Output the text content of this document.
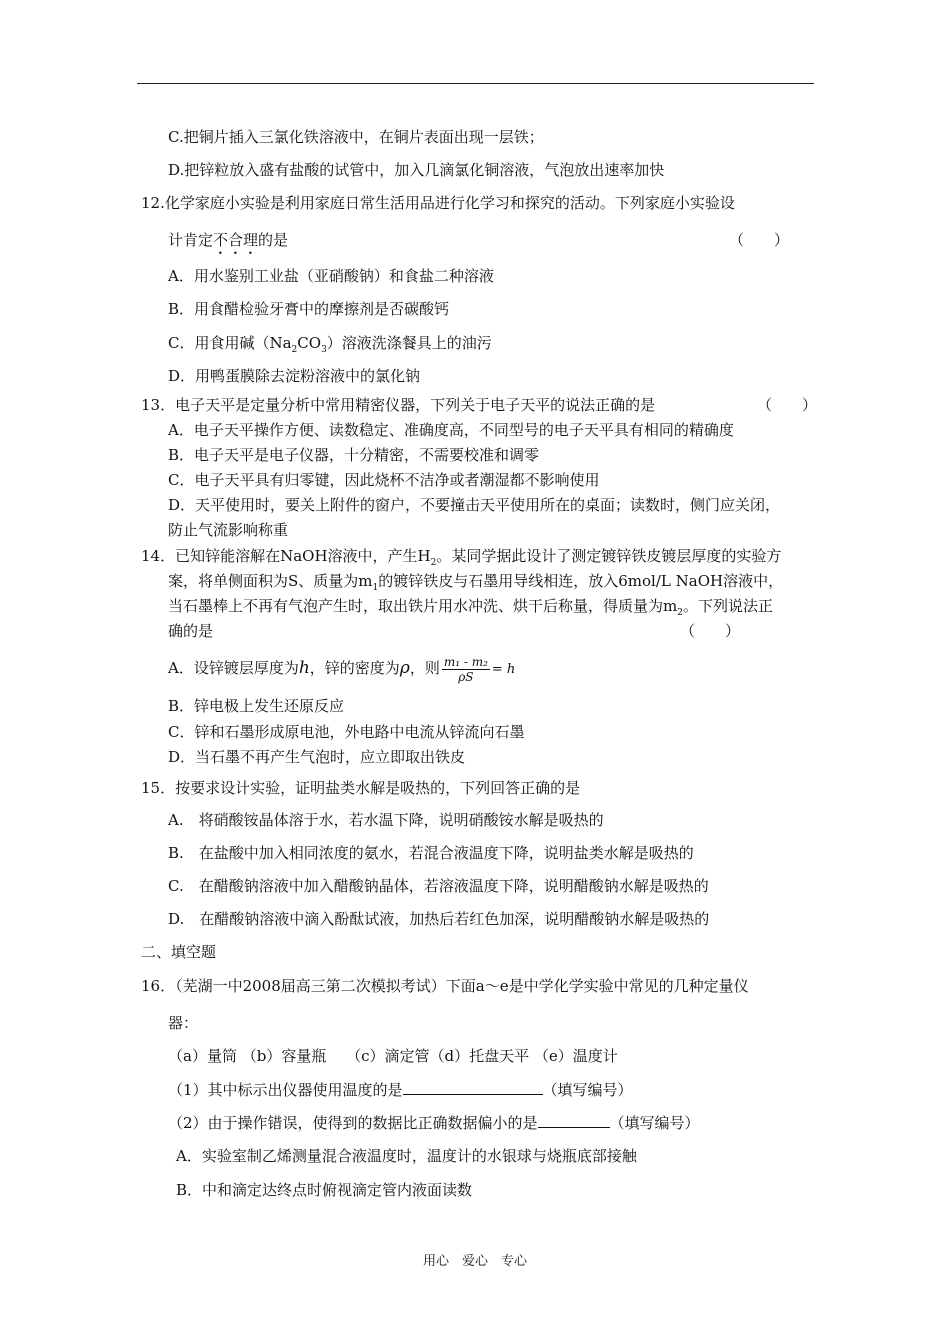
C.把铜片插入三氯化铁溶液中，在铜片表面出现一层铁；
D.把锌粒放入盛有盐酸的试管中，加入几滴氯化铜溶液，气泡放出速率加快
12.化学家庭小实验是利用家庭日常生活用品进行化学习和探究的活动。下列家庭小实验设
计肯定不合理的是	（　　）
A．用水鉴别工业盐（亚硝酸钠）和食盐二种溶液
B．用食醋检验牙膏中的摩擦剂是否碳酸钙
C．用食用碱$(Na_2CO_3)$溶液洗涤餐具上的油污
D．用鸭蛋膜除去淀粉溶液中的氯化钠
13．电子天平是定量分析中常用精密仪器，下列关于电子天平的说法正确的是	（　　）
A．电子天平操作方便、读数稳定、准确度高，不同型号的电子天平具有相同的精确度
B．电子天平是电子仪器，十分精密，不需要校准和调零
C．电子天平具有归零键，因此烧杯不洁净或者潮湿都不影响使用
D．天平使用时，要关上附件的窗户，不要撞击天平使用所在的桌面；读数时，侧门应关闭，
防止气流影响称重
14．已知锌能溶解在NaOH溶液中，产生$H_2$。某同学据此设计了测定镀锌铁皮镀层厚度的实验方
案，将单侧面积为S、质量为$m_1$的镀锌铁皮与石墨用导线相连，放入6mol/L NaOH溶液中，
当石墨棒上不再有气泡产生时，取出铁片用水冲洗、烘干后称量，得质量为$m_2$。下列说法正
确的是	（　　）
A．设锌镀层厚度为h，锌的密度为ρ，则 $\frac{\text{m₁ - m₂}}{\rho S} = h$
B．锌电极上发生还原反应
C．锌和石墨形成原电池，外电路中电流从锌流向石墨
D．当石墨不再产生气泡时，应立即取出铁皮
15．按要求设计实验，证明盐类水解是吸热的，下列回答正确的是
A.　将硝酸铵晶体溶于水，若水温下降，说明硝酸铵水解是吸热的
B.　在盐酸中加入相同浓度的氨水，若混合液温度下降，说明盐类水解是吸热的
C.　在醋酸钠溶液中加入醋酸钠晶体，若溶液温度下降，说明醋酸钠水解是吸热的
D.　在醋酸钠溶液中滴入酚酞试液，加热后若红色加深，说明醋酸钠水解是吸热的
二、填空题
16．（芜湖一中2008届高三第二次模拟考试）下面a～e是中学化学实验中常见的几种定量仪
器：
（a）量筒 （b）容量瓶　 （c）滴定管（d）托盘天平 （e）温度计
（1）其中标示出仪器使用温度的是	（填写编号）
（2）由于操作错误，使得到的数据比正确数据偏小的是	（填写编号）
A．实验室制乙烯测量混合液温度时，温度计的水银球与烧瓶底部接触
B．中和滴定达终点时俯视滴定管内液面读数
用心　爱心　专心
